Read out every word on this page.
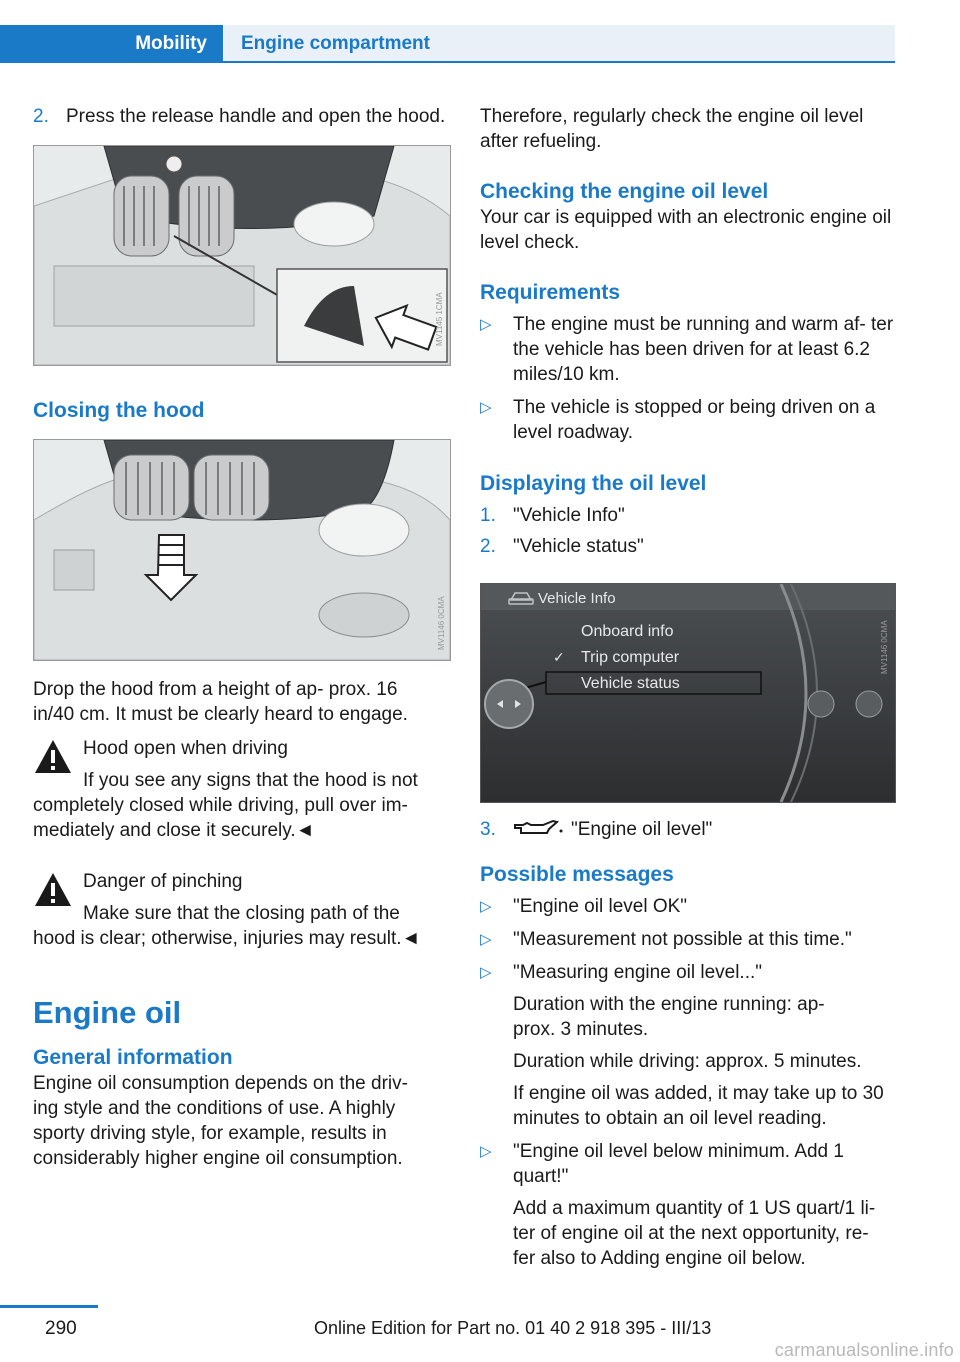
Mobility Engine compartment
2. Press the release handle and open the hood.
MV1145 1CMA
Closing the hood
MV1146 0CMA
Drop the hood from a height of ap‐ prox. 16 in/40 cm. It must be clearly heard to engage.
Hood open when driving
If you see any signs that the hood is not
completely closed while driving, pull over im‐ mediately and close it securely.◄
Danger of pinching
Make sure that the closing path of the
hood is clear; otherwise, injuries may result.◄
Engine oil
General information
Engine oil consumption depends on the driv‐ ing style and the conditions of use. A highly sporty driving style, for example, results in considerably higher engine oil consumption.
Therefore, regularly check the engine oil level after refueling.
Checking the engine oil level
Your car is equipped with an electronic engine oil level check.
Requirements
▷ The engine must be running and warm af‐ ter the vehicle has been driven for at least 6.2 miles/10 km.
▷ The vehicle is stopped or being driven on a level roadway.
Displaying the oil level
1. "Vehicle Info"
2. "Vehicle status"
Vehicle Info
Onboard info
✓ Trip computer
Vehicle status
MV1146 0CMA
3.	"Engine oil level"
Possible messages
▷ "Engine oil level OK"
▷ "Measurement not possible at this time."
▷ "Measuring engine oil level..."
Duration with the engine running: ap‐ prox. 3 minutes.
Duration while driving: approx. 5 minutes.
If engine oil was added, it may take up to 30 minutes to obtain an oil level reading.
▷ "Engine oil level below minimum. Add 1 quart!"
Add a maximum quantity of 1 US quart/1 li‐ ter of engine oil at the next opportunity, re‐ fer also to Adding engine oil below.
290	Online Edition for Part no. 01 40 2 918 395 - III/13
carmanualsonline.info
